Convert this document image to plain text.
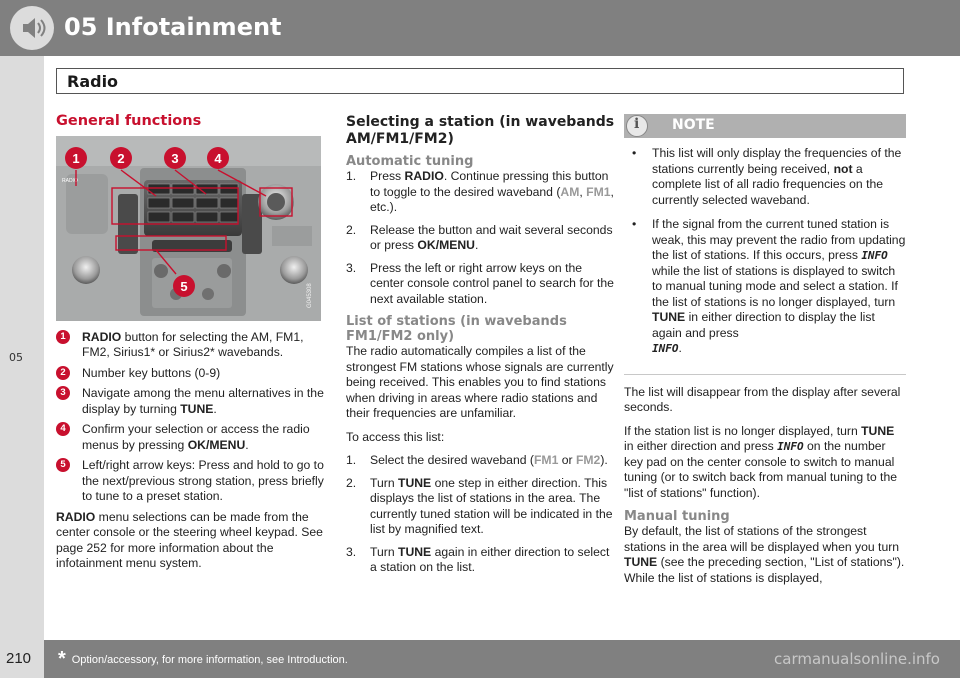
05 Infotainment
Radio
05
General functions
RADIO
1	2	3	4
5	G045308
1	RADIO button for selecting the AM, FM1, FM2, Sirius1* or Sirius2* wavebands.
2	Number key buttons (0-9)
3	Navigate among the menu alternatives in the display by turning TUNE.
4	Confirm your selection or access the radio menus by pressing OK/MENU.
5	Left/right arrow keys: Press and hold to go to the next/previous strong station, press briefly to tune to a preset station.
RADIO menu selections can be made from the center console or the steering wheel keypad. See page 252 for more information about the infotainment menu system.
Selecting a station (in wavebands AM/FM1/FM2)
Automatic tuning
1. Press RADIO. Continue pressing this button to toggle to the desired waveband (AM, FM1, etc.).
2. Release the button and wait several seconds or press OK/MENU.
3. Press the left or right arrow keys on the center console control panel to search for the next available station.
List of stations (in wavebands FM1/FM2 only)
The radio automatically compiles a list of the strongest FM stations whose signals are currently being received. This enables you to find stations when driving in areas where radio stations and their frequencies are unfamiliar.
To access this list:
1. Select the desired waveband (FM1 or FM2).
2. Turn TUNE one step in either direction. This displays the list of stations in the area. The currently tuned station will be indicated in the list by magnified text.
3. Turn TUNE again in either direction to select a station on the list.
i NOTE
• This list will only display the frequencies of the stations currently being received, not a complete list of all radio frequencies on the currently selected waveband.
• If the signal from the current tuned station is weak, this may prevent the radio from updating the list of stations. If this occurs, press INFO while the list of stations is displayed to switch to manual tuning mode and select a station. If the list of stations is no longer displayed, turn TUNE in either direction to display the list again and press
INFO.
The list will disappear from the display after several seconds.
If the station list is no longer displayed, turn TUNE in either direction and press INFO on the number key pad on the center console to switch to manual tuning (or to switch back from manual tuning to the "list of stations" function).
Manual tuning
By default, the list of stations of the strongest stations in the area will be displayed when you turn TUNE (see the preceding section, "List of stations"). While the list of stations is displayed,
210 * Option/accessory, for more information, see Introduction.	carmanualsonline.info
